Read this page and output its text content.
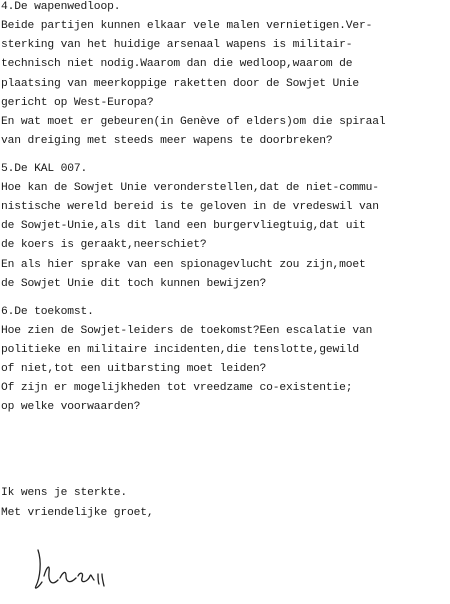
4.De wapenwedloop.
Beide partijen kunnen elkaar vele malen vernietigen.Ver-
sterking van het huidige arsenaal wapens is militair-
technisch niet nodig.Waarom dan die wedloop,waarom de
plaatsing van meerkoppige raketten door de Sowjet Unie
gericht op West-Europa?
En wat moet er gebeuren(in Genève of elders)om die spiraal
van dreiging met steeds meer wapens te doorbreken?
5.De KAL 007.
Hoe kan de Sowjet Unie veronderstellen,dat de niet-commu-
nistische wereld bereid is te geloven in de vredeswil van
de Sowjet-Unie,als dit land een burgervliegtuig,dat uit
de koers is geraakt,neerschiet?
En als hier sprake van een spionagevlucht zou zijn,moet
de Sowjet Unie dit toch kunnen bewijzen?
6.De toekomst.
Hoe zien de Sowjet-leiders de toekomst?Een escalatie van
politieke en militaire incidenten,die tenslotte,gewild
of niet,tot een uitbarsting moet leiden?
Of zijn er mogelijkheden tot vreedzame co-existentie;
op welke voorwaarden?
Ik wens je sterkte.
Met vriendelijke groet,
